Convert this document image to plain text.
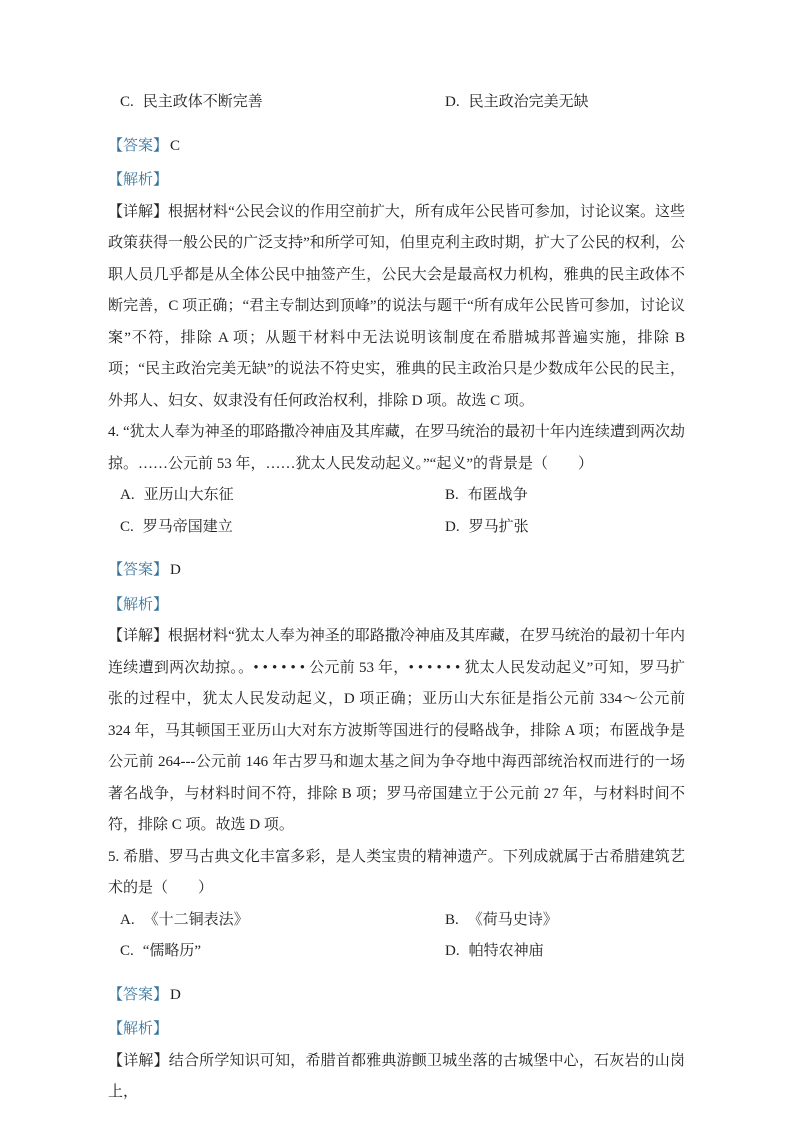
C. 民主政体不断完善	D. 民主政治完美无缺
【答案】 C
【解析】

【详解】根据材料“公民会议的作用空前扩大，所有成年公民皆可参加，讨论议案。这些政策获得一般公民的广泛支持”和所学可知，伯里克利主政时期，扩大了公民的权利，公职人员几乎都是从全体公民中抽签产生，公民大会是最高权力机构，雅典的民主政体不断完善，C 项正确；“君主专制达到顶峰”的说法与题干“所有成年公民皆可参加，讨论议案”不符，排除 A 项；从题干材料中无法说明该制度在希腊城邦普遍实施，排除 B 项；“民主政治完美无缺”的说法不符史实，雅典的民主政治只是少数成年公民的民主，外邦人、妇女、奴隶没有任何政治权利，排除 D 项。故选 C 项。

4. “犹太人奉为神圣的耶路撒冷神庙及其库藏，在罗马统治的最初十年内连续遭到两次劫掠。……公元前 53 年，……犹太人民发动起义。”“起义”的背景是（　　）

A. 亚历山大东征	B. 布匿战争
C. 罗马帝国建立	D. 罗马扩张
【答案】 D
【解析】

【详解】根据材料“犹太人奉为神圣的耶路撒冷神庙及其库藏，在罗马统治的最初十年内连续遭到两次劫掠。。• • • • • • 公元前 53 年，• • • • • • 犹太人民发动起义”可知，罗马扩张的过程中，犹太人民发动起义，D 项正确；亚历山大东征是指公元前 334～公元前 324 年，马其顿国王亚历山大对东方波斯等国进行的侵略战争，排除 A 项；布匿战争是公元前 264---公元前 146 年古罗马和迦太基之间为争夺地中海西部统治权而进行的一场著名战争，与材料时间不符，排除 B 项；罗马帝国建立于公元前 27 年，与材料时间不符，排除 C 项。故选 D 项。

5. 希腊、罗马古典文化丰富多彩，是人类宝贵的精神遗产。下列成就属于古希腊建筑艺术的是（　　）

A. 《十二铜表法》	B. 《荷马史诗》
C. “儒略历”	D. 帕特农神庙
【答案】 D
【解析】

【详解】结合所学知识可知，希腊首都雅典游颤卫城坐落的古城堡中心，石灰岩的山岗上，
